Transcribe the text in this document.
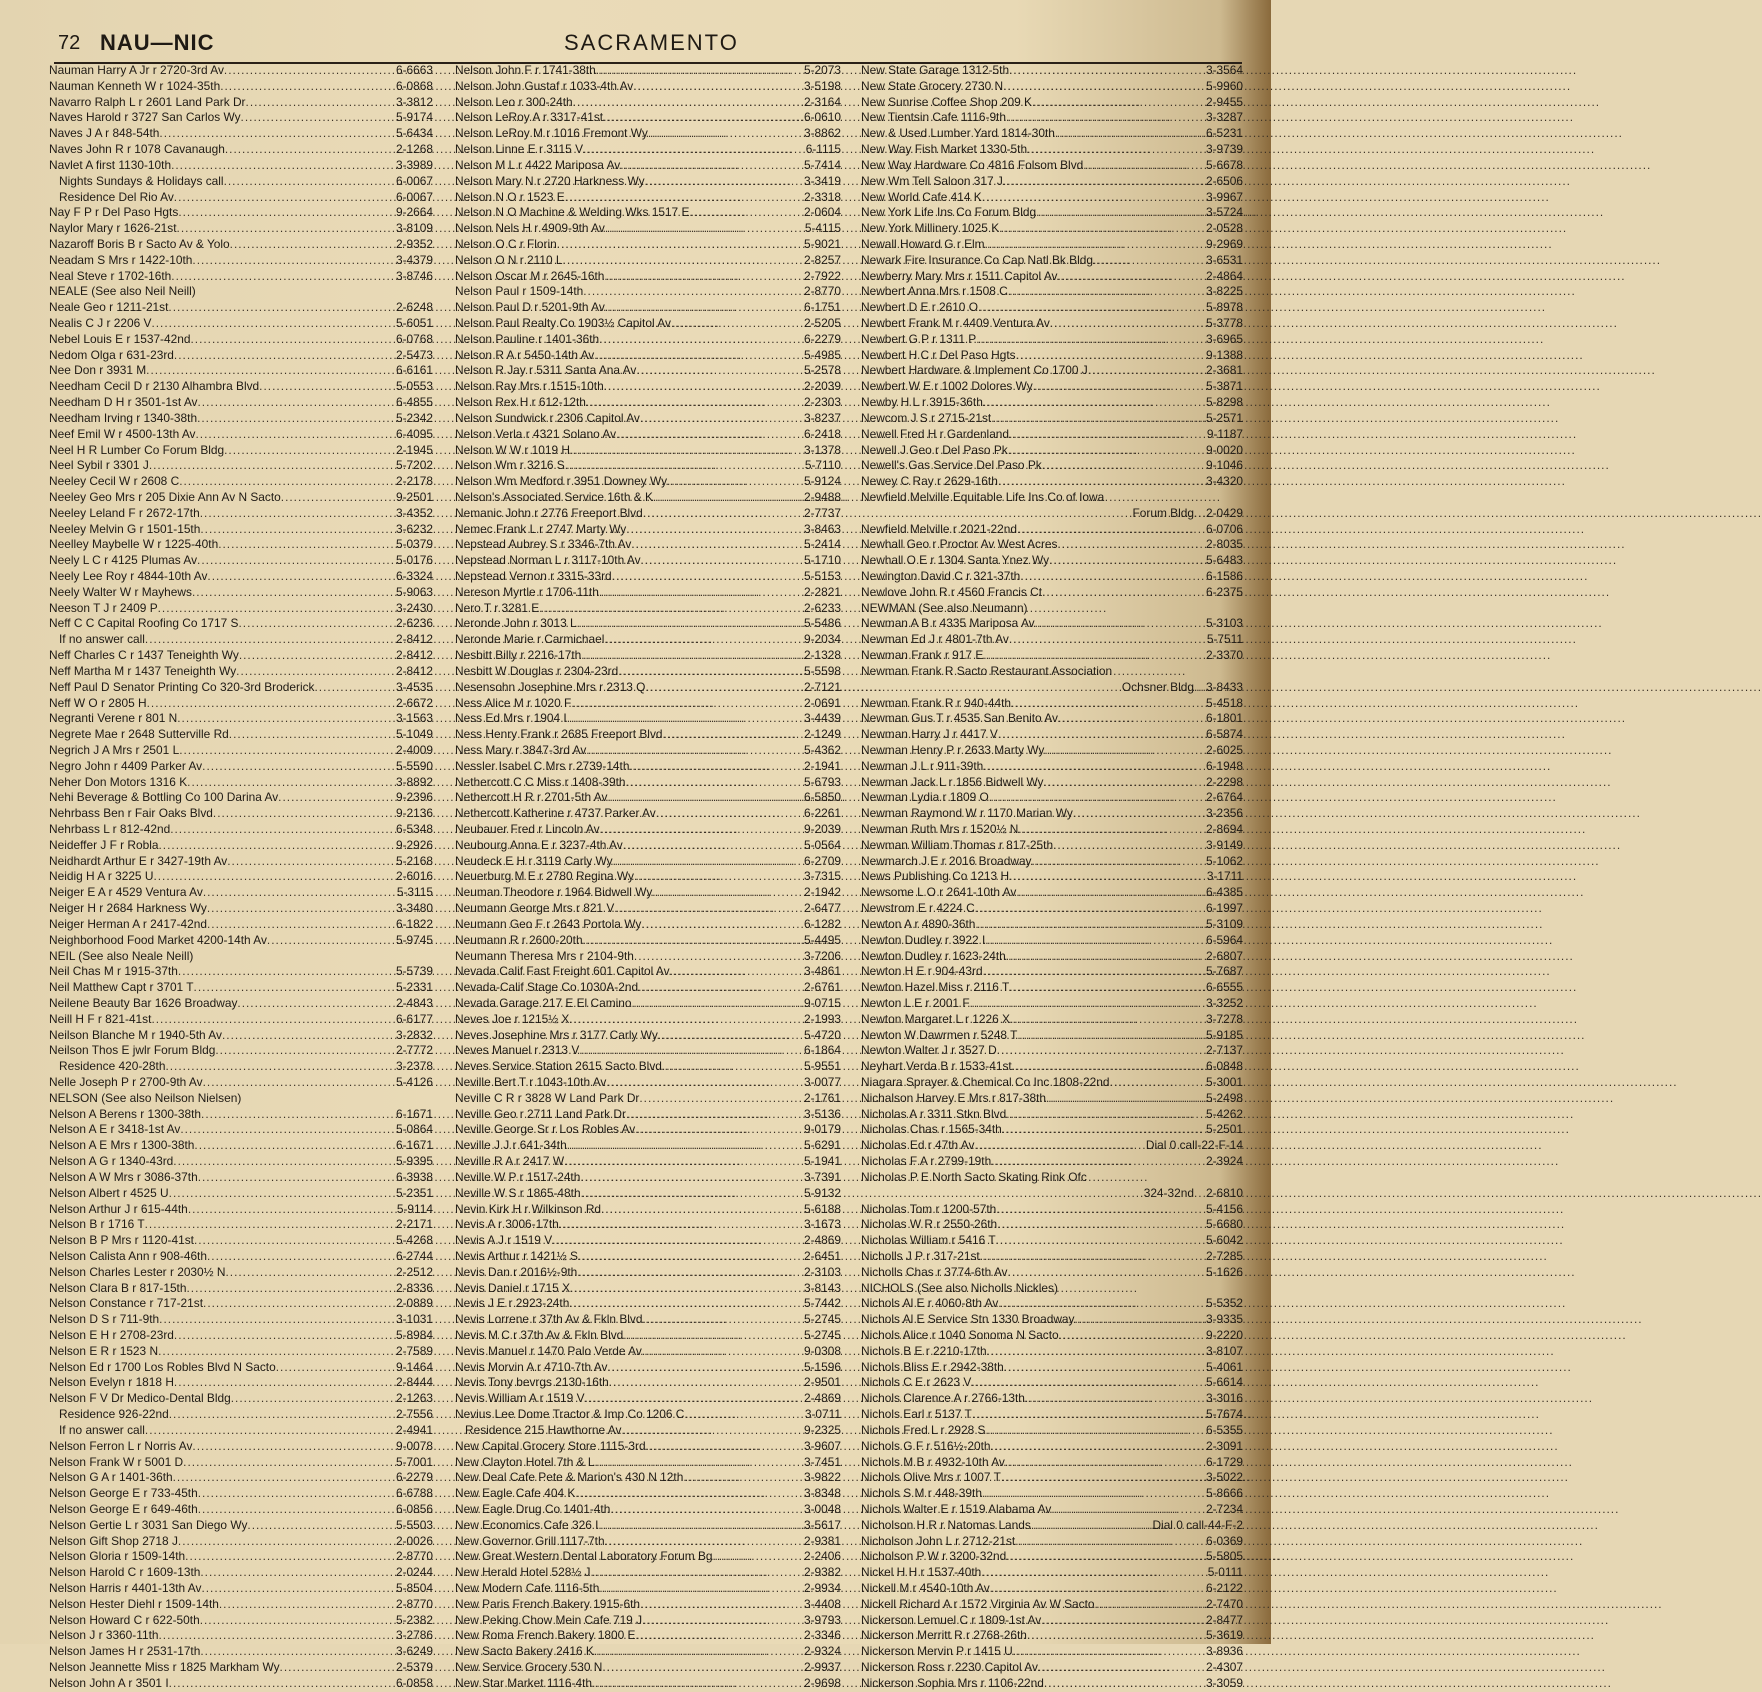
72 NAU—NIC	SACRAMENTO
Nauman Harry A Jr r 2720-3rd Av .....	6-6663
Nauman Kenneth W r 1024-35th .....	6-0868
Navarro Ralph L r 2601 Land Park Dr .....	3-3812
Naves Harold r 3727 San Carlos Wy .....	5-9174
Naves J A r 848-54th .....	5-6434
Naves John R r 1078 Cavanaugh .....	2-1268
Navlet A first 1130-10th .....	3-3989
Nights Sundays & Holidays call .....	6-0067
Residence Del Rio Av .....	6-0067
Nay F P r Del Paso Hgts .....	9-2664
Naylor Mary r 1626-21st .....	3-8109
Nazaroff Boris B r Sacto Av & Yolo .....	2-9352
Neadam S Mrs r 1422-10th .....	3-4379
Neal Steve r 1702-16th .....	3-8746
NEALE (See also Neil Neill)
Neale Geo r 1211-21st .....	2-6248
Nealis C J r 2206 V .....	5-6051
Nebel Louis E r 1537-42nd .....	6-0768
Nedom Olga r 631-23rd .....	2-5473
Nee Don r 3931 M .....	6-6161
Needham Cecil D r 2130 Alhambra Blvd .....	5-0553
Needham D H r 3501-1st Av .....	6-4855
Needham Irving r 1340-38th .....	5-2342
Neef Emil W r 4500-13th Av .....	6-4095
Neel H R Lumber Co Forum Bldg .....	2-1945
Neel Sybil r 3301 J .....	5-7202
Neeley Cecil W r 2608 C .....	2-2178
Neeley Geo Mrs r 205 Dixie Ann Av N Sacto .....	9-2501
Neeley Leland F r 2672-17th .....	3-4352
Neeley Melvin G r 1501-15th .....	3-6232
Neelley Maybelle W r 1225-40th .....	5-0379
Neely L C r 4125 Plumas Av .....	5-0176
Neely Lee Roy r 4844-10th Av .....	6-3324
Neely Walter W r Mayhews .....	5-9063
Neeson T J r 2409 P .....	3-2430
Neff C C Capital Roofing Co 1717 S .....	2-6236
If no answer call .....	2-8412
Neff Charles C r 1437 Teneighth Wy .....	2-8412
Neff Martha M r 1437 Teneighth Wy .....	2-8412
Neff Paul D Senator Printing Co 320-3rd Broderick .....	3-4535
Neff W O r 2805 H .....	2-6672
Negranti Verene r 801 N .....	3-1563
Negrete Mae r 2648 Sutterville Rd .....	5-1049
Negrich J A Mrs r 2501 L .....	2-4009
Negro John r 4409 Parker Av .....	5-5590
Neher Don Motors 1316 K .....	3-8892
Nehi Beverage & Bottling Co 100 Darina Av .....	9-2396
Nehrbass Ben r Fair Oaks Blvd .....	9-2136
Nehrbass L r 812-42nd .....	6-5348
Neideffer J F r Robla .....	9-2926
Neidhardt Arthur E r 3427-19th Av .....	5-2168
Neidig H A r 3225 U .....	2-6016
Neiger E A r 4529 Ventura Av .....	5-3115
Neiger H r 2684 Harkness Wy .....	3-3480
Neiger Herman A r 2417-42nd .....	6-1822
Neighborhood Food Market 4200-14th Av .....	5-9745
NEIL (See also Neale Neill)
Neil Chas M r 1915-37th .....	5-5739
Neil Matthew Capt r 3701 T .....	5-2331
Neilene Beauty Bar 1626 Broadway .....	2-4843
Neill H F r 821-41st .....	6-6177
Neilson Blanche M r 1940-5th Av .....	3-2832
Neilson Thos E jwlr Forum Bldg .....	2-7772
Residence 420-28th .....	3-2378
Nelle Joseph P r 2700-9th Av .....	5-4126
NELSON (See also Neilson Nielsen)
Nelson A Berens r 1300-38th .....	6-1671
Nelson A E r 3418-1st Av .....	5-0864
Nelson A E Mrs r 1300-38th .....	6-1671
Nelson A G r 1340-43rd .....	5-9395
Nelson A W Mrs r 3086-37th .....	6-3938
Nelson Albert r 4525 U .....	5-2351
Nelson Arthur J r 615-44th .....	5-9114
Nelson B r 1716 T .....	2-2171
Nelson B P Mrs r 1120-41st .....	5-4268
Nelson Calista Ann r 908-46th .....	6-2744
Nelson Charles Lester r 2030½ N .....	2-2512
Nelson Clara B r 817-15th .....	2-8336
Nelson Constance r 717-21st .....	2-0889
Nelson D S r 711-9th .....	3-1031
Nelson E H r 2708-23rd .....	5-8984
Nelson E R r 1523 N .....	2-7589
Nelson Ed r 1700 Los Robles Blvd N Sacto .....	9-1464
Nelson Evelyn r 1818 H .....	2-8444
Nelson F V Dr Medico-Dental Bldg .....	2-1263
Residence 926-22nd .....	2-7556
If no answer call .....	2-4941
Nelson Ferron L r Norris Av .....	9-0078
Nelson Frank W r 5001 D .....	5-7001
Nelson G A r 1401-36th .....	6-2279
Nelson George E r 733-45th .....	6-6788
Nelson George E r 649-46th .....	6-0856
Nelson Gertie L r 3031 San Diego Wy .....	5-5503
Nelson Gift Shop 2718 J .....	2-0026
Nelson Gloria r 1509-14th .....	2-8770
Nelson Harold C r 1609-13th .....	2-0244
Nelson Harris r 4401-13th Av .....	5-8504
Nelson Hester Diehl r 1509-14th .....	2-8770
Nelson Howard C r 622-50th .....	5-2382
Nelson J r 3360-11th .....	3-2786
Nelson James H r 2531-17th .....	3-6249
Nelson Jeannette Miss r 1825 Markham Wy .....	2-5379
Nelson John A r 3501 I .....	6-0858
Nelson John F r 1741-38th .....	5-2073
Nelson John Gustaf r 1033-4th Av .....	3-5198
Nelson Leo r 300-24th .....	2-3164
Nelson LeRoy A r 3317-41st .....	6-0610
Nelson LeRoy M r 1016 Fremont Wy .....	3-8862
Nelson Linne E r 3115 V .....	6-1115
Nelson M L r 4422 Mariposa Av .....	5-7414
Nelson Mary N r 2720 Harkness Wy .....	3-3419
Nelson N O r 1523 E .....	2-3318
Nelson N O Machine & Welding Wks 1517 E .....	2-0604
Nelson Nels H r 4909-9th Av .....	5-4115
Nelson O C r Florin .....	5-9021
Nelson O N r 2110 L .....	2-8257
Nelson Oscar M r 2645-16th .....	2-7922
Nelson Paul r 1509-14th .....	2-8770
Nelson Paul D r 5201-9th Av .....	6-1751
Nelson Paul Realty Co 1903½ Capitol Av .....	2-5205
Nelson Pauline r 1401-36th .....	6-2279
Nelson R A r 5450-14th Av .....	5-4985
Nelson R Jay r 5311 Santa Ana Av .....	5-2578
Nelson Ray Mrs r 1515-10th .....	2-2039
Nelson Rex H r 612-12th .....	2-2303
Nelson Sundwick r 2306 Capitol Av .....	3-8237
Nelson Verla r 4321 Solano Av .....	6-2418
Nelson W W r 1019 H .....	3-1378
Nelson Wm r 3216 S .....	5-7110
Nelson Wm Medford r 3951 Downey Wy .....	5-9124
Nelson's Associated Service 16th & K .....	2-9488
Nemanic John r 2776 Freeport Blvd .....	2-7737
Nemec Frank L r 2747 Marty Wy .....	3-8463
Nepstead Aubrey S r 3346-7th Av .....	5-2414
Nepstead Norman L r 3117-10th Av .....	5-1710
Nepstead Vernon r 3315-33rd .....	5-5153
Nereson Myrtle r 1706-11th .....	2-2821
Nero T r 3281 E .....	2-6233
Neronde John r 3013 L .....	5-5486
Neronde Marie r Carmichael .....	9-2034
Nesbitt Billy r 2216-17th .....	2-1328
Nesbitt W Douglas r 2304-23rd .....	5-5598
Nesensohn Josephine Mrs r 2313 Q .....	2-7121
Ness Alice M r 1020 F .....	2-0691
Ness Ed Mrs r 1904 I .....	3-4439
Ness Henry Frank r 2685 Freeport Blvd .....	2-1249
Ness Mary r 3847-3rd Av .....	5-4362
Nessler Isabel C Mrs r 2739-14th .....	2-1941
Nethercott C C Miss r 1408-39th .....	5-6793
Nethercott H R r 2701-5th Av .....	6-5850
Nethercott Katherine r 4737 Parker Av .....	6-2261
Neubauer Fred r Lincoln Av .....	9-2039
Neubourg Anna E r 3237-4th Av .....	5-0564
Neudeck E H r 3119 Carly Wy .....	6-2709
Neuerburg M E r 2780 Regina Wy .....	3-7315
Neuman Theodore r 1964 Bidwell Wy .....	2-1942
Neumann George Mrs r 821 V .....	2-6477
Neumann Geo F r 2643 Portola Wy .....	6-1282
Neumann R r 2600-20th .....	5-4495
Neumann Theresa Mrs r 2104-9th .....	3-7206
Nevada Calif Fast Freight 601 Capitol Av .....	3-4861
Nevada-Calif Stage Co 1030A-2nd .....	2-6761
Nevada Garage 217 E El Camino .....	9-0715
Neves Joe r 1215½ X .....	2-1993
Neves Josephine Mrs r 3177 Carly Wy .....	5-4720
Neves Manuel r 2313 V .....	6-1864
Neves Service Station 2615 Sacto Blvd .....	5-9551
Neville Bert T r 1043-10th Av .....	3-0077
Neville C R r 3828 W Land Park Dr .....	2-1761
Neville Geo r 2711 Land Park Dr .....	3-5136
Neville George Sr r Los Robles Av .....	9-0179
Neville J J r 641-34th .....	5-6291
Neville R A r 2417 W .....	5-1941
Neville W P r 1517-24th .....	3-7391
Neville W S r 1865-48th .....	5-9132
Nevin Kirk H r Wilkinson Rd .....	5-6188
Nevis A r 3006-17th .....	3-1673
Nevis A J r 1519 V .....	2-4869
Nevis Arthur r 1421½ S .....	2-6451
Nevis Dan r 2016½-9th .....	2-3103
Nevis Daniel r 1715 X .....	3-8143
Nevis J E r 2923-24th .....	5-7442
Nevis Lorrene r 37th Av & Fkln Blvd .....	5-2745
Nevis M C r 37th Av & Fkln Blvd .....	5-2745
Nevis Manuel r 1470 Palo Verde Av .....	9-0308
Nevis Morvin A r 4710-7th Av .....	5-1596
Nevis Tony bevrgs 2130-16th .....	2-9501
Nevis William A r 1519 V .....	2-4869
Nevius Lee Dome Tractor & Imp Co 1206 C .....	3-0711
Residence 215 Hawthorne Av .....	9-2325
New Capital Grocery Store 1115-3rd .....	3-9607
New Clayton Hotel 7th & L .....	3-7451
New Deal Cafe Pete & Marion's 430 N 12th .....	3-9822
New Eagle Cafe 404 K .....	3-8348
New Eagle Drug Co 1401-4th .....	3-0048
New Economics Cafe 326 I .....	3-5617
New Governor Grill 1117-7th .....	2-9381
New Great Western Dental Laboratory Forum Bg .....	2-2406
New Herald Hotel 528½ J .....	2-9382
New Modern Cafe 1116-5th .....	2-9934
New Paris French Bakery 1915-6th .....	3-4408
New Peking Chow Mein Cafe 719 J .....	3-9793
New Roma French Bakery 1800 E .....	2-3346
New Sacto Bakery 2416 K .....	2-9324
New Service Grocery 530 N .....	2-9937
New Star Market 1116-4th .....	2-9698
New State Garage 1312-5th .....	3-3564
New State Grocery 2730 N .....	5-9960
New Sunrise Coffee Shop 209 K .....	2-9455
New Tientsin Cafe 1116-9th .....	3-3287
New & Used Lumber Yard 1814-30th .....	6-5231
New Way Fish Market 1330-5th .....	3-9739
New Way Hardware Co 4816 Folsom Blvd .....	5-6678
New Wm Tell Saloon 317 J .....	2-6506
New World Cafe 414 K .....	3-9967
New York Life Ins Co Forum Bldg .....	3-5724
New York Millinery 1025 K .....	2-0528
Newall Howard G r Elm .....	9-2969
Newark Fire Insurance Co Cap Natl Bk Bldg .....	3-6531
Newberry Mary Mrs r 1511 Capitol Av .....	2-4864
Newbert Anna Mrs r 1508 C .....	3-8225
Newbert D E r 2610 O .....	5-8978
Newbert Frank M r 4409 Ventura Av .....	5-3778
Newbert G P r 1311 P .....	3-6965
Newbert H C r Del Paso Hgts .....	9-1388
Newbert Hardware & Implement Co 1700 J .....	2-3681
Newbert W E r 1002 Dolores Wy .....	5-3871
Newby H L r 3915-36th .....	5-8298
Newcom J S r 2715-21st .....	5-2571
Newell Fred H r Gardenland .....	9-1187
Newell J Geo r Del Paso Pk .....	9-0020
Newell's Gas Service Del Paso Pk .....	9-1046
Newey C Ray r 2629-16th .....	3-4320
Newfield Melville Equitable Life Ins Co of Iowa
Forum Bldg ..... 2-0429
Newfield Melville r 2021-22nd .....	6-0706
Newhall Geo r Proctor Av West Acres .....	2-8035
Newhall O E r 1304 Santa Ynez Wy .....	5-6483
Newington David C r 321-37th .....	6-1586
Newlove John R r 4560 Francis Ct .....	6-2375
NEWMAN (See also Neumann)
Newman A B r 4335 Mariposa Av .....	5-3103
Newman Ed J r 4801-7th Av .....	5-7511
Newman Frank r 917 E .....	2-3370
Newman Frank R Sacto Restaurant Association
Ochsner Bldg ..... 3-8433
Newman Frank R r 940-44th .....	5-4518
Newman Gus T r 4535 San Benito Av .....	6-1801
Newman Harry J r 4417 V .....	6-5874
Newman Henry P r 2633 Marty Wy .....	2-6025
Newman J L r 911-39th .....	6-1948
Newman Jack L r 1856 Bidwell Wy .....	2-2298
Newman Lydia r 1809 O .....	2-6764
Newman Raymond W r 1170 Marian Wy .....	3-2356
Newman Ruth Mrs r 1520½ N .....	2-8694
Newman William Thomas r 817-25th .....	3-9149
Newmarch J E r 2016 Broadway .....	5-1062
News Publishing Co 1213 H .....	3-1711
Newsome L O r 2641-10th Av .....	6-4385
Newstrom E r 4224 C .....	6-1997
Newton A r 4890-36th .....	5-3109
Newton Dudley r 3922 I .....	6-5964
Newton Dudley r 1623-24th .....	2-6807
Newton H E r 904-43rd .....	5-7687
Newton Hazel Miss r 2116 T .....	6-6555
Newton L E r 2001 F .....	3-3252
Newton Margaret L r 1226 X .....	3-7278
Newton W Dawrmen r 5248 T .....	5-9185
Newton Walter J r 3527 D .....	2-7137
Neyhart Verda B r 1533-41st .....	6-0848
Niagara Sprayer & Chemical Co Inc 1808-22nd .....	5-3001
Nichalson Harvey E Mrs r 817-38th .....	5-2498
Nicholas A r 3311 Stkn Blvd .....	5-4262
Nicholas Chas r 1565-34th .....	5-2501
Nicholas Ed r 47th Av .....	Dial 0 call-22-F-14
Nicholas F A r 2799-19th .....	2-3924
Nicholas P E North Sacto Skating Rink Ofc
324-32nd ..... 2-6810
Nicholas Tom r 1200-57th .....	5-4156
Nicholas W R r 2550-26th .....	5-6680
Nicholas William r 5416 T .....	5-6042
Nicholls J P r 317-21st .....	2-7285
Nicholls Chas r 3774-6th Av .....	5-1626
NICHOLS (See also Nicholls Nickles)
Nichols Al E r 4060-8th Av .....	5-5352
Nichols Al E Service Stn 1330 Broadway .....	3-9335
Nichols Alice r 1040 Sonoma N Sacto .....	9-2220
Nichols B E r 2210-17th .....	3-8107
Nichols Bliss E r 2942-38th .....	5-4061
Nichols C E r 2623 V .....	5-6614
Nichols Clarence A r 2766-13th .....	3-3016
Nichols Earl r 5137 T .....	5-7674
Nichols Fred L r 2928 S .....	6-5355
Nichols G F r 516½-20th .....	2-3091
Nichols M B r 4932-10th Av .....	6-1729
Nichols Olive Mrs r 1007 T .....	3-5022
Nichols S M r 448-39th .....	5-8666
Nichols Walter E r 1519 Alabama Av .....	2-7234
Nicholson H R r Natomas Lands .....	Dial 0 call-44-F-2
Nicholson John L r 2712-21st .....	6-0369
Nicholson P W r 3200-32nd .....	5-5805
Nickel H H r 1537-40th .....	5-0111
Nickell M r 4540-10th Av .....	6-2122
Nickell Richard A r 1572 Virginia Av W Sacto .....	2-7470
Nickerson Lemuel C r 1809-1st Av .....	2-8477
Nickerson Merritt R r 2768-26th .....	5-3619
Nickerson Mervin P r 1415 U .....	3-8936
Nickerson Ross r 2230 Capitol Av .....	2-4307
Nickerson Sophia Mrs r 1106-22nd .....	3-3059
